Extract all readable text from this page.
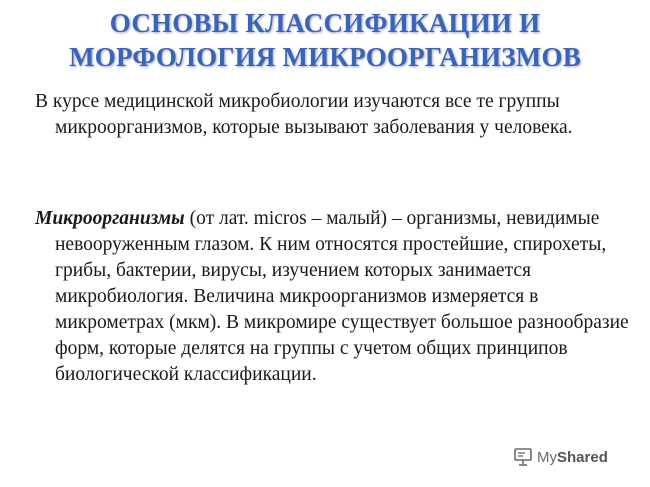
ОСНОВЫ КЛАССИФИКАЦИИ И
МОРФОЛОГИЯ МИКРООРГАНИЗМОВ

В курсе медицинской микробиологии изучаются все те группы микроорганизмов, которые вызывают заболевания у человека.

Микроорганизмы (от лат. micros – малый) – организмы, невидимые невооруженным глазом. К ним относятся простейшие, спирохеты, грибы, бактерии, вирусы, изучением которых занимается микробиология. Величина микроорганизмов измеряется в микрометрах (мкм). В микромире существует большое разнообразие форм, которые делятся на группы с учетом общих принципов биологической классификации.

My Shared
